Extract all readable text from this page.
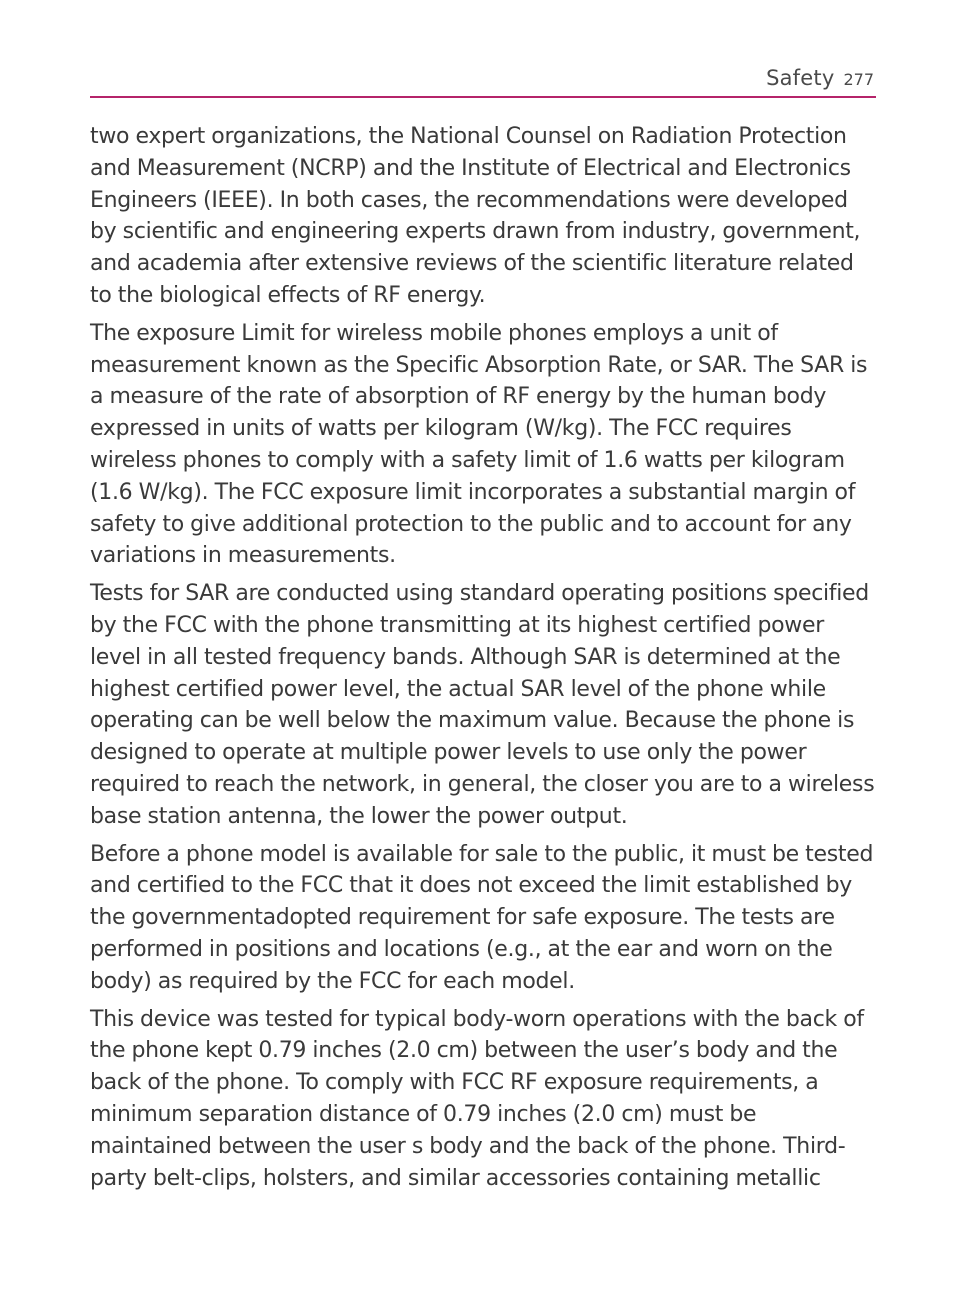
Safety 277

two expert organizations, the National Counsel on Radiation Protection and Measurement (NCRP) and the Institute of Electrical and Electronics Engineers (IEEE). In both cases, the recommendations were developed by scientific and engineering experts drawn from industry, government, and academia after extensive reviews of the scientific literature related to the biological effects of RF energy.

The exposure Limit for wireless mobile phones employs a unit of measurement known as the Specific Absorption Rate, or SAR. The SAR is a measure of the rate of absorption of RF energy by the human body expressed in units of watts per kilogram (W/kg). The FCC requires wireless phones to comply with a safety limit of 1.6 watts per kilogram (1.6 W/kg). The FCC exposure limit incorporates a substantial margin of safety to give additional protection to the public and to account for any variations in measurements.

Tests for SAR are conducted using standard operating positions specified by the FCC with the phone transmitting at its highest certified power level in all tested frequency bands. Although SAR is determined at the highest certified power level, the actual SAR level of the phone while operating can be well below the maximum value. Because the phone is designed to operate at multiple power levels to use only the power required to reach the network, in general, the closer you are to a wireless base station antenna, the lower the power output.

Before a phone model is available for sale to the public, it must be tested and certified to the FCC that it does not exceed the limit established by the governmentadopted requirement for safe exposure. The tests are performed in positions and locations (e.g., at the ear and worn on the body) as required by the FCC for each model.

This device was tested for typical body-worn operations with the back of the phone kept 0.79 inches (2.0 cm) between the user’s body and the back of the phone. To comply with FCC RF exposure requirements, a minimum separation distance of 0.79 inches (2.0 cm) must be maintained between the user s body and the back of the phone. Third-party belt-clips, holsters, and similar accessories containing metallic
